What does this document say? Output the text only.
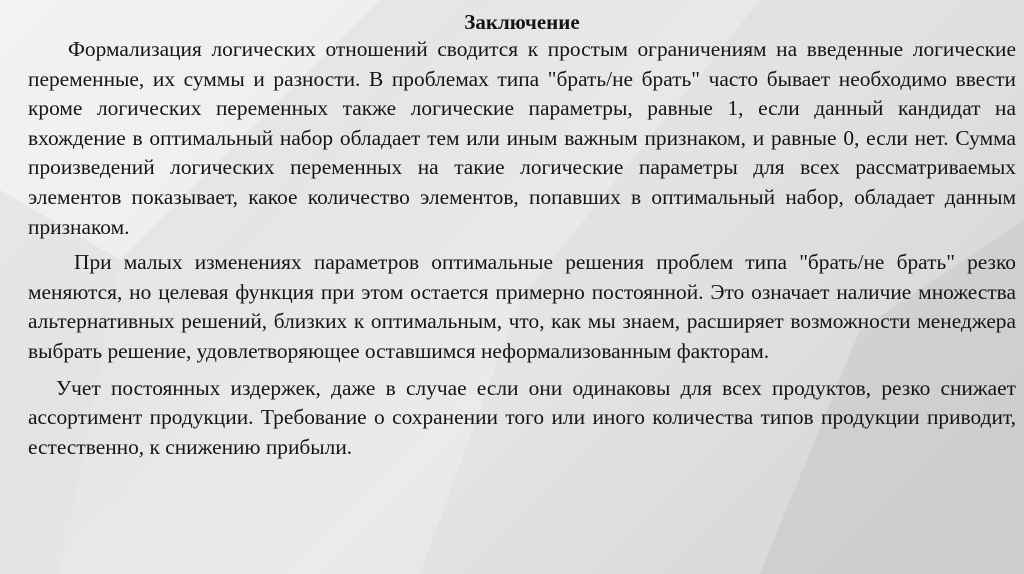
Заключение

Формализация логических отношений сводится к простым ограничениям на введенные логические переменные, их суммы и разности. В проблемах типа "брать/не брать" часто бывает необходимо ввести кроме логических переменных также логические параметры, равные 1, если данный кандидат на вхождение в оптимальный набор обладает тем или иным важным признаком, и равные 0, если нет. Сумма произведений логических переменных на такие логические параметры для всех рассматриваемых элементов показывает, какое количество элементов, попавших в оптимальный набор, обладает данным признаком.

При малых изменениях параметров оптимальные решения проблем типа "брать/не брать" резко меняются, но целевая функция при этом остается примерно постоянной. Это означает наличие множества альтернативных решений, близких к оптимальным, что, как мы знаем, расширяет возможности менеджера выбрать решение, удовлетворяющее оставшимся неформализованным факторам.

Учет постоянных издержек, даже в случае если они одинаковы для всех продуктов, резко снижает ассортимент продукции. Требование о сохранении того или иного количества типов продукции приводит, естественно, к снижению прибыли.
